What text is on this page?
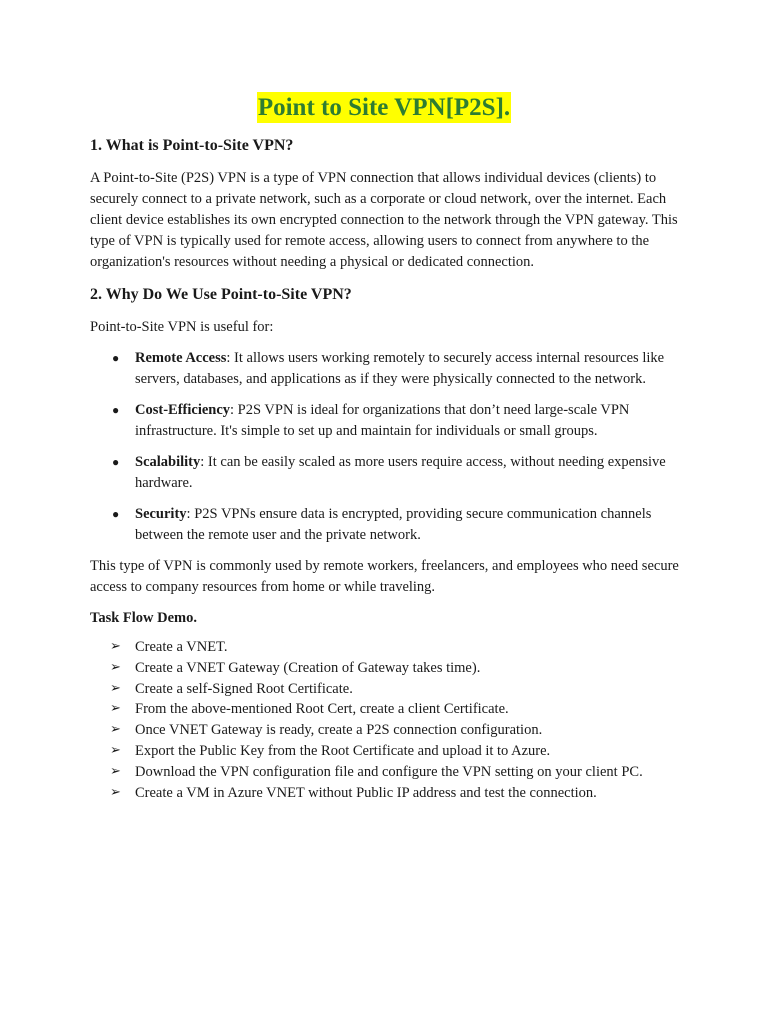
Point to Site VPN[P2S].
1. What is Point-to-Site VPN?

A Point-to-Site (P2S) VPN is a type of VPN connection that allows individual devices (clients) to securely connect to a private network, such as a corporate or cloud network, over the internet. Each client device establishes its own encrypted connection to the network through the VPN gateway. This type of VPN is typically used for remote access, allowing users to connect from anywhere to the organization's resources without needing a physical or dedicated connection.

2. Why Do We Use Point-to-Site VPN?

Point-to-Site VPN is useful for:

● Remote Access: It allows users working remotely to securely access internal resources like servers, databases, and applications as if they were physically connected to the network.
● Cost-Efficiency: P2S VPN is ideal for organizations that don’t need large-scale VPN infrastructure. It's simple to set up and maintain for individuals or small groups.
● Scalability: It can be easily scaled as more users require access, without needing expensive hardware.
● Security: P2S VPNs ensure data is encrypted, providing secure communication channels between the remote user and the private network.

This type of VPN is commonly used by remote workers, freelancers, and employees who need secure access to company resources from home or while traveling.

Task Flow Demo.
➢ Create a VNET.
➢ Create a VNET Gateway (Creation of Gateway takes time).
➢ Create a self-Signed Root Certificate.
➢ From the above-mentioned Root Cert, create a client Certificate.
➢ Once VNET Gateway is ready, create a P2S connection configuration.
➢ Export the Public Key from the Root Certificate and upload it to Azure.
➢ Download the VPN configuration file and configure the VPN setting on your client PC.
➢ Create a VM in Azure VNET without Public IP address and test the connection.
